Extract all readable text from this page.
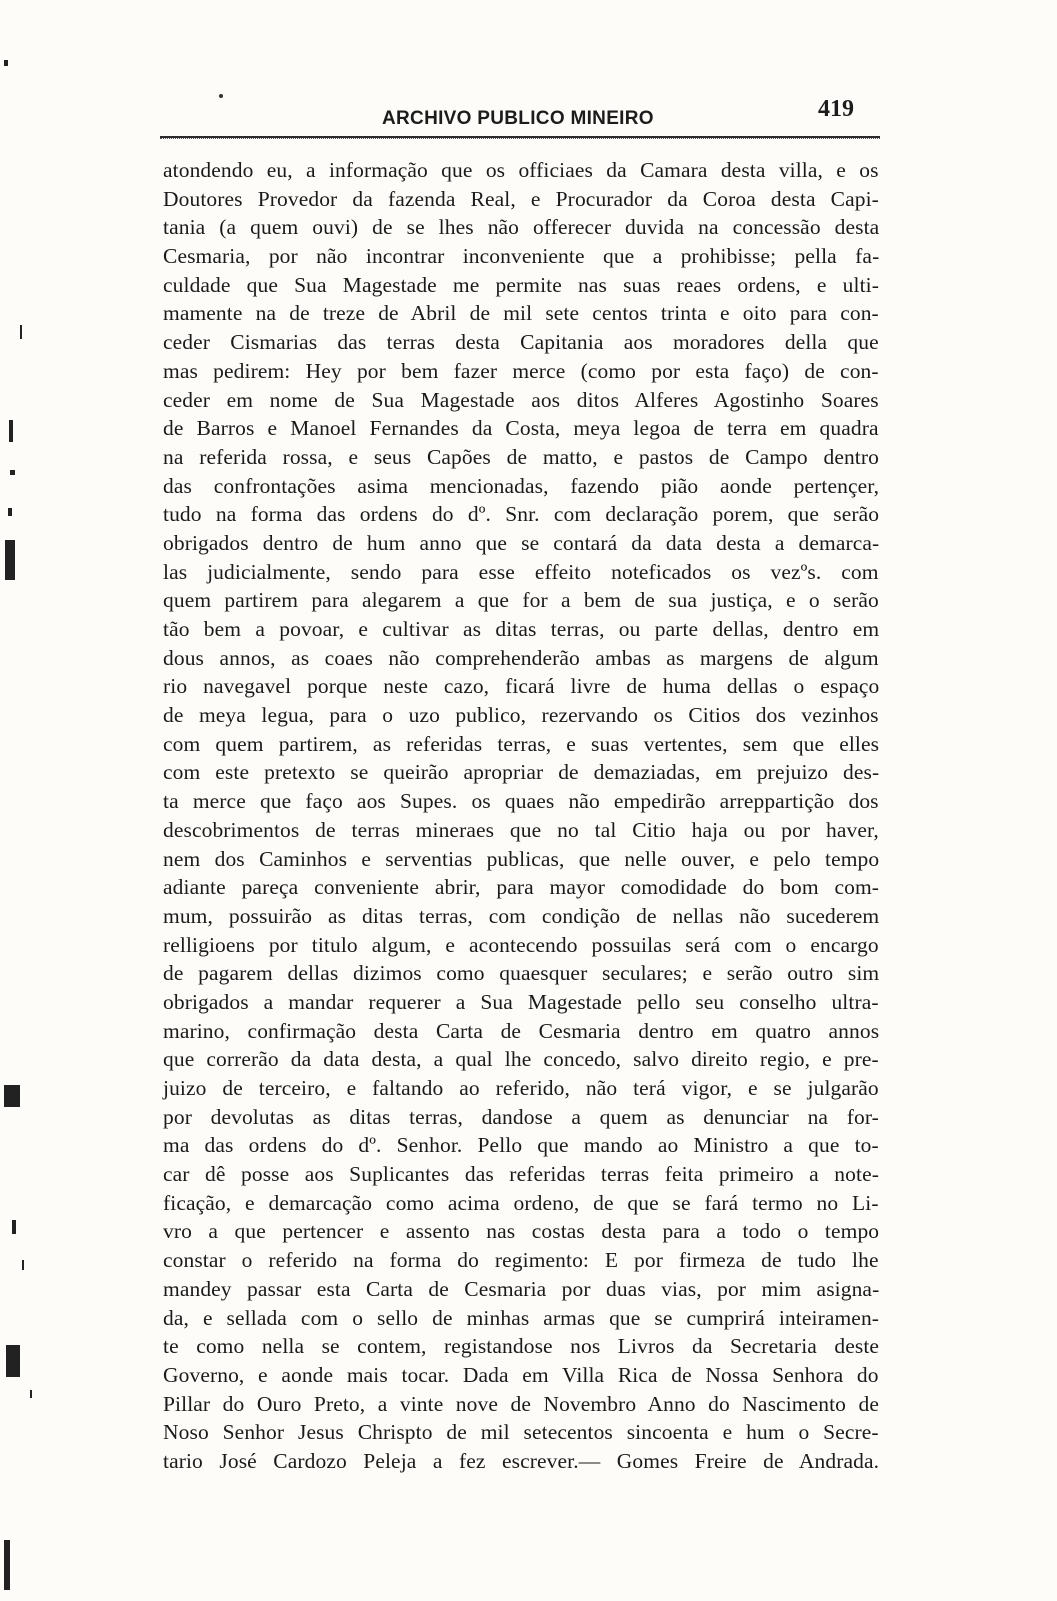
ARCHIVO PUBLICO MINEIRO	419
atondendo eu, a informação que os officiaes da Camara desta villa, e os
Doutores Provedor da fazenda Real, e Procurador da Coroa desta Capi-
tania (a quem ouvi) de se lhes não offerecer duvida na concessão desta
Cesmaria, por não incontrar inconveniente que a prohibisse; pella fa-
culdade que Sua Magestade me permite nas suas reaes ordens, e ulti-
mamente na de treze de Abril de mil sete centos trinta e oito para con-
ceder Cismarias das terras desta Capitania aos moradores della que
mas pedirem: Hey por bem fazer merce (como por esta faço) de con-
ceder em nome de Sua Magestade aos ditos Alferes Agostinho Soares
de Barros e Manoel Fernandes da Costa, meya legoa de terra em quadra
na referida rossa, e seus Capões de matto, e pastos de Campo dentro
das confrontações asima mencionadas, fazendo pião aonde pertençer,
tudo na forma das ordens do dº. Snr. com declaração porem, que serão
obrigados dentro de hum anno que se contará da data desta a demarca-
las judicialmente, sendo para esse effeito noteficados os vezºs. com
quem partirem para alegarem a que for a bem de sua justiça, e o serão
tão bem a povoar, e cultivar as ditas terras, ou parte dellas, dentro em
dous annos, as coaes não comprehenderão ambas as margens de algum
rio navegavel porque neste cazo, ficará livre de huma dellas o espaço
de meya legua, para o uzo publico, rezervando os Citios dos vezinhos
com quem partirem, as referidas terras, e suas vertentes, sem que elles
com este pretexto se queirão apropriar de demaziadas, em prejuizo des-
ta merce que faço aos Supes. os quaes não empedirão arreppartição dos
descobrimentos de terras mineraes que no tal Citio haja ou por haver,
nem dos Caminhos e serventias publicas, que nelle ouver, e pelo tempo
adiante pareça conveniente abrir, para mayor comodidade do bom com-
mum, possuirão as ditas terras, com condição de nellas não sucederem
relligioens por titulo algum, e acontecendo possuilas será com o encargo
de pagarem dellas dizimos como quaesquer seculares; e serão outro sim
obrigados a mandar requerer a Sua Magestade pello seu conselho ultra-
marino, confirmação desta Carta de Cesmaria dentro em quatro annos
que correrão da data desta, a qual lhe concedo, salvo direito regio, e pre-
juizo de terceiro, e faltando ao referido, não terá vigor, e se julgarão
por devolutas as ditas terras, dandose a quem as denunciar na for-
ma das ordens do dº. Senhor. Pello que mando ao Ministro a que to-
car dê posse aos Suplicantes das referidas terras feita primeiro a note-
ficação, e demarcação como acima ordeno, de que se fará termo no Li-
vro a que pertencer e assento nas costas desta para a todo o tempo
constar o referido na forma do regimento: E por firmeza de tudo lhe
mandey passar esta Carta de Cesmaria por duas vias, por mim asigna-
da, e sellada com o sello de minhas armas que se cumprirá inteiramen-
te como nella se contem, registandose nos Livros da Secretaria deste
Governo, e aonde mais tocar. Dada em Villa Rica de Nossa Senhora do
Pillar do Ouro Preto, a vinte nove de Novembro Anno do Nascimento de
Noso Senhor Jesus Chrispto de mil setecentos sincoenta e hum o Secre-
tario José Cardozo Peleja a fez escrever.— Gomes Freire de Andrada.
